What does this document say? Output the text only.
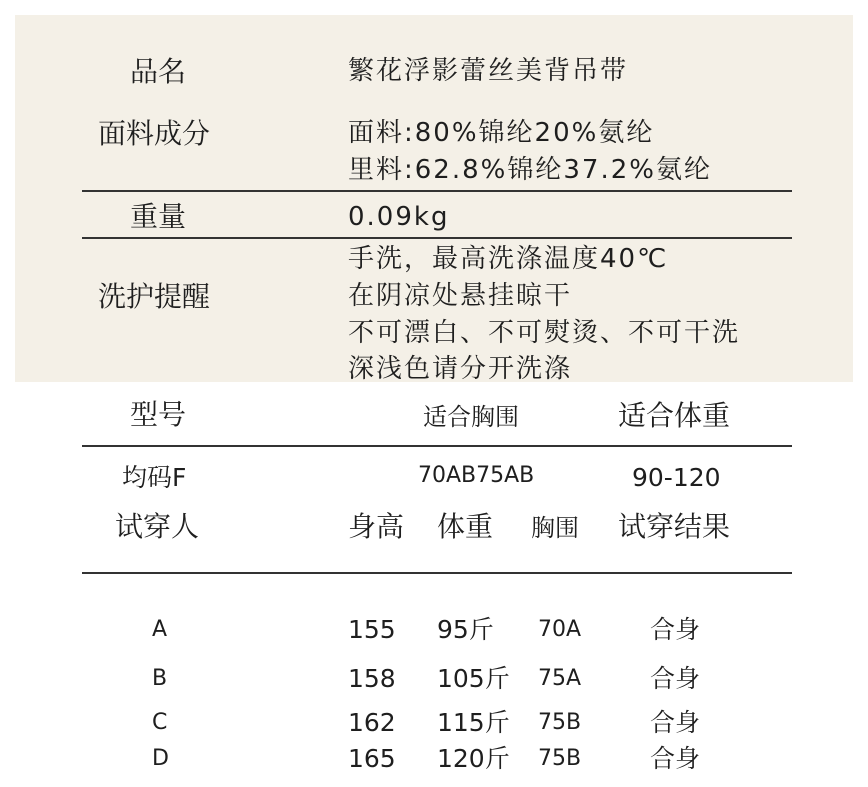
品名	繁花浮影蕾丝美背吊带
面料成分	面料:80%锦纶20%氨纶
里料:62.8%锦纶37.2%氨纶
重量	0.09kg
洗护提醒
手洗，最高洗涤温度40℃
在阴凉处悬挂晾干
不可漂白、不可熨烫、不可干洗
深浅色请分开洗涤
型号	适合胸围	适合体重
均码F	70AB75AB	90-120
试穿人	身高 体重 胸围 试穿结果
A	155 95斤 70A	合身
B	158 105斤 75A	合身
C	162 115斤 75B	合身
D	165 120斤 75B	合身
